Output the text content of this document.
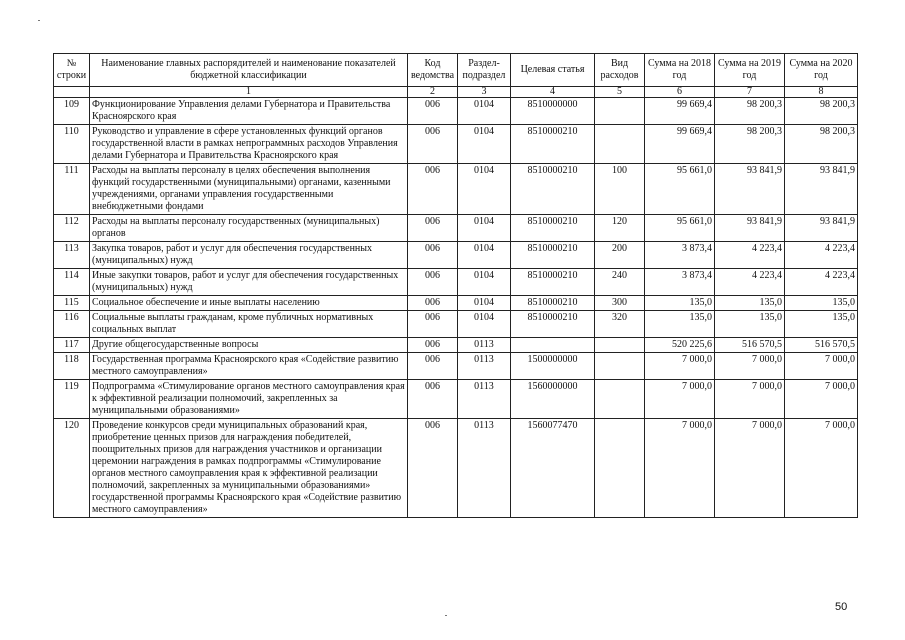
№ строки	Наименование главных распорядителей и наименование показателей бюджетной классификации	Код ведомства	Раздел-подраздел	Целевая статья	Вид расходов	Сумма на 2018 год	Сумма на 2019 год	Сумма на 2020 год
	1	2	3	4	5	6	7	8
109	Функционирование Управления делами Губернатора и Правительства Красноярского края	006	0104	8510000000		99 669,4	98 200,3	98 200,3
110	Руководство и управление в сфере установленных функций органов государственной власти в рамках непрограммных расходов Управления делами Губернатора и Правительства Красноярского края	006	0104	8510000210		99 669,4	98 200,3	98 200,3
111	Расходы на выплаты персоналу в целях обеспечения выполнения функций государственными (муниципальными) органами, казенными учреждениями, органами управления государственными внебюджетными фондами	006	0104	8510000210	100	95 661,0	93 841,9	93 841,9
112	Расходы на выплаты персоналу государственных (муниципальных) органов	006	0104	8510000210	120	95 661,0	93 841,9	93 841,9
113	Закупка товаров, работ и услуг для обеспечения государственных (муниципальных) нужд	006	0104	8510000210	200	3 873,4	4 223,4	4 223,4
114	Иные закупки товаров, работ и услуг для обеспечения государственных (муниципальных) нужд	006	0104	8510000210	240	3 873,4	4 223,4	4 223,4
115	Социальное обеспечение и иные выплаты населению	006	0104	8510000210	300	135,0	135,0	135,0
116	Социальные выплаты гражданам, кроме публичных нормативных социальных выплат	006	0104	8510000210	320	135,0	135,0	135,0
117	Другие общегосударственные вопросы	006	0113			520 225,6	516 570,5	516 570,5
118	Государственная программа Красноярского края «Содействие развитию местного самоуправления»	006	0113	1500000000		7 000,0	7 000,0	7 000,0
119	Подпрограмма «Стимулирование органов местного самоуправления края к эффективной реализации полномочий, закрепленных за муниципальными образованиями»	006	0113	1560000000		7 000,0	7 000,0	7 000,0
120	Проведение конкурсов среди муниципальных образований края, приобретение ценных призов для награждения победителей, поощрительных призов для награждения участников и организации церемонии награждения в рамках подпрограммы «Стимулирование органов местного самоуправления края к эффективной реализации полномочий, закрепленных за муниципальными образованиями» государственной программы Красноярского края «Содействие развитию местного самоуправления»	006	0113	1560077470		7 000,0	7 000,0	7 000,0
50
